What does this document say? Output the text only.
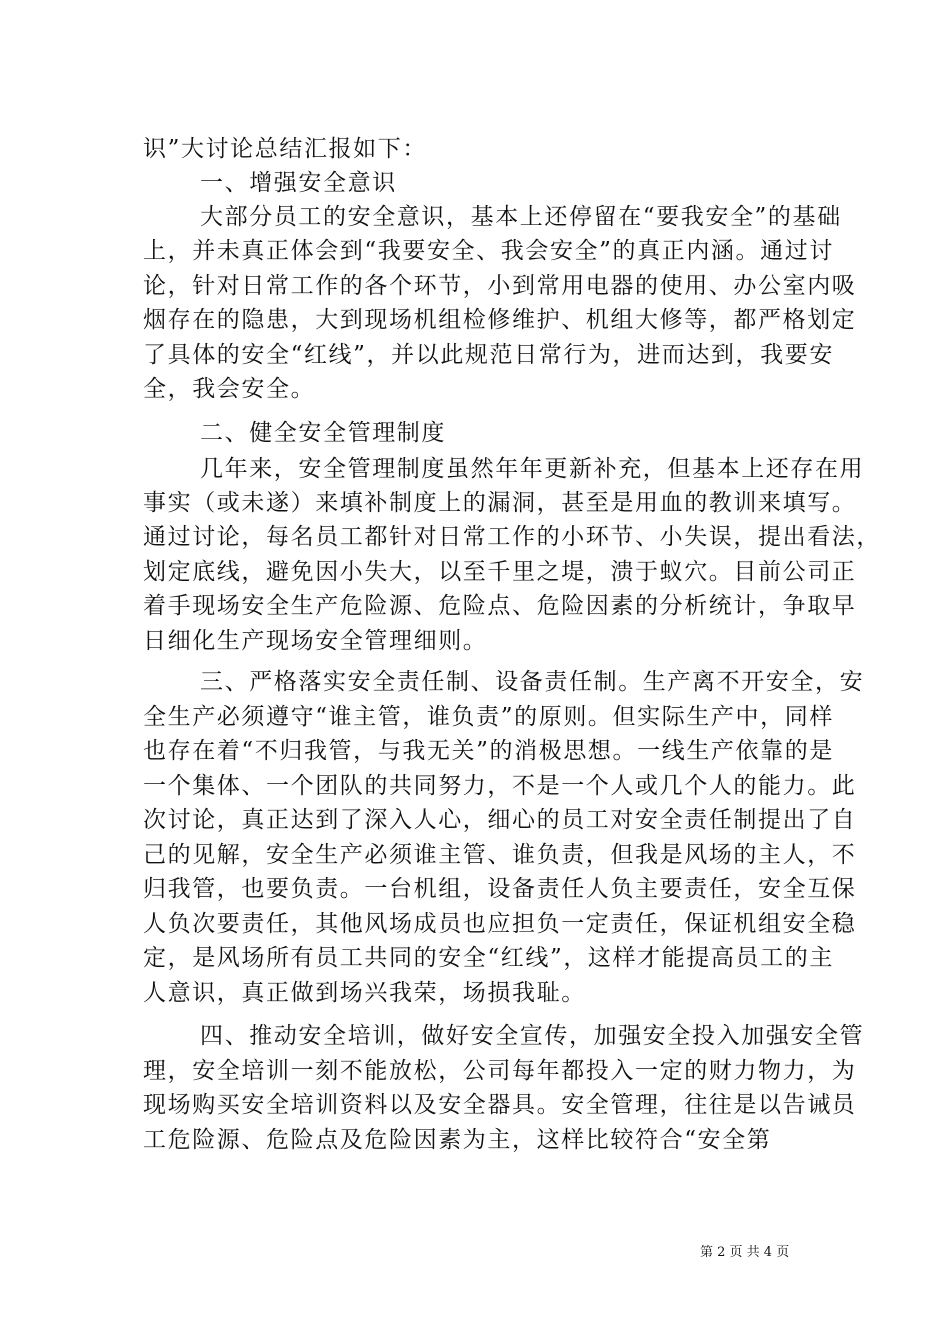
识”大讨论总结汇报如下：
一、增强安全意识
大部分员工的安全意识，基本上还停留在“要我安全”的基础
上，并未真正体会到“我要安全、我会安全”的真正内涵。通过讨
论，针对日常工作的各个环节，小到常用电器的使用、办公室内吸
烟存在的隐患，大到现场机组检修维护、机组大修等，都严格划定
了具体的安全“红线”，并以此规范日常行为，进而达到，我要安
全，我会安全。
二、健全安全管理制度
几年来，安全管理制度虽然年年更新补充，但基本上还存在用
事实（或未遂）来填补制度上的漏洞，甚至是用血的教训来填写。
通过讨论，每名员工都针对日常工作的小环节、小失误，提出看法，
划定底线，避免因小失大，以至千里之堤，溃于蚁穴。目前公司正
着手现场安全生产危险源、危险点、危险因素的分析统计，争取早
日细化生产现场安全管理细则。
三、严格落实安全责任制、设备责任制。生产离不开安全，安
全生产必须遵守“谁主管，谁负责”的原则。但实际生产中，同样
也存在着“不归我管，与我无关”的消极思想。一线生产依靠的是
一个集体、一个团队的共同努力，不是一个人或几个人的能力。此
次讨论，真正达到了深入人心，细心的员工对安全责任制提出了自
己的见解，安全生产必须谁主管、谁负责，但我是风场的主人，不
归我管，也要负责。一台机组，设备责任人负主要责任，安全互保
人负次要责任，其他风场成员也应担负一定责任，保证机组安全稳
定，是风场所有员工共同的安全“红线”，这样才能提高员工的主
人意识，真正做到场兴我荣，场损我耻。
四、推动安全培训，做好安全宣传，加强安全投入加强安全管
理，安全培训一刻不能放松，公司每年都投入一定的财力物力，为
现场购买安全培训资料以及安全器具。安全管理，往往是以告诫员
工危险源、危险点及危险因素为主，这样比较符合“安全第
第 2 页 共 4 页
